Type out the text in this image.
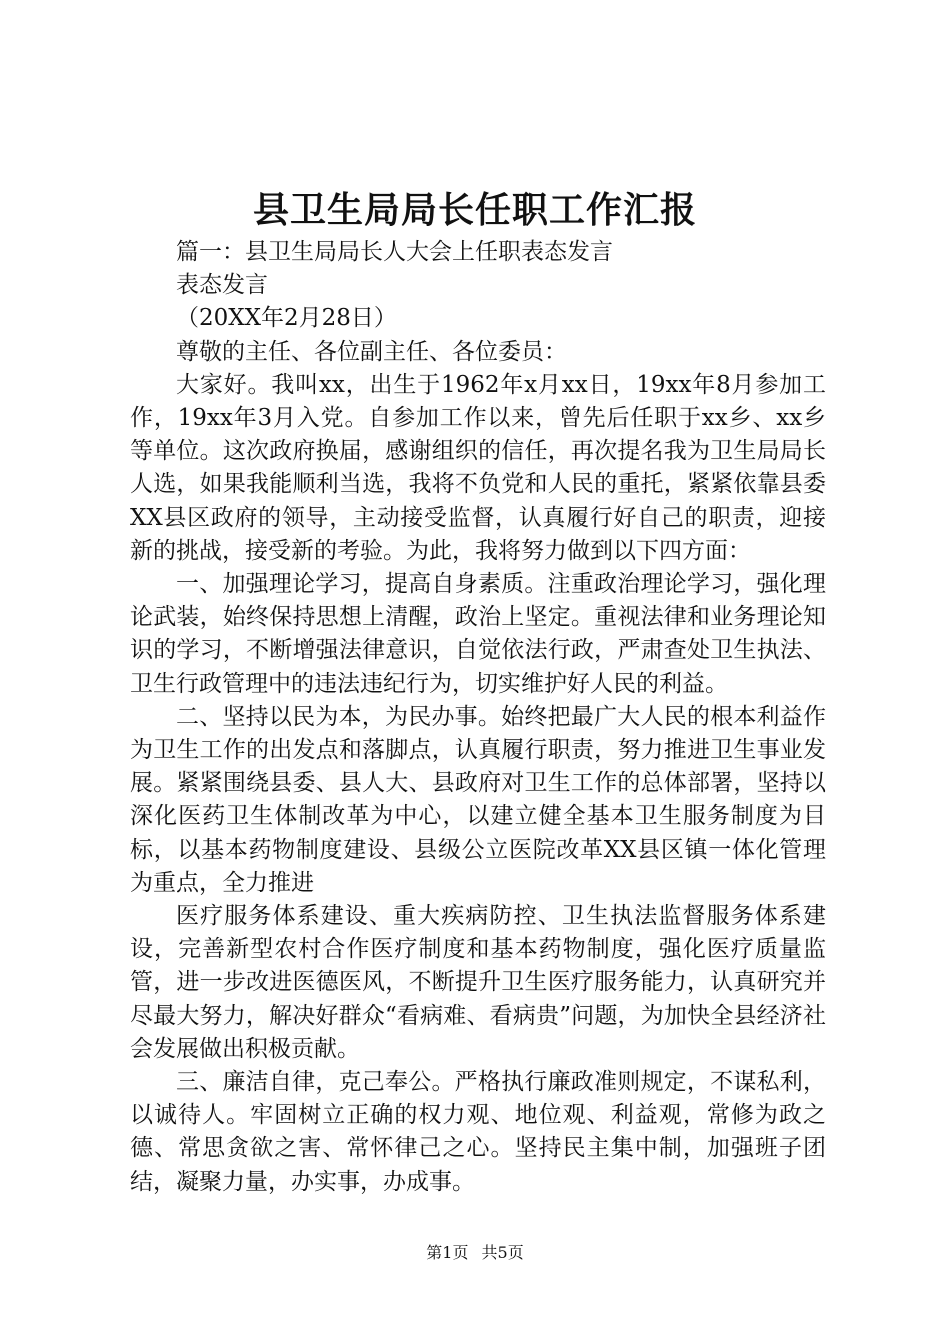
县卫生局局长任职工作汇报

篇一：县卫生局局长人大会上任职表态发言

表态发言

（20XX年2月28日）

尊敬的主任、各位副主任、各位委员：

大家好。我叫xx，出生于1962年x月xx日，19xx年8月参加工作，19xx年3月入党。自参加工作以来，曾先后任职于xx乡、xx乡等单位。这次政府换届，感谢组织的信任，再次提名我为卫生局局长人选，如果我能顺利当选，我将不负党和人民的重托，紧紧依靠县委XX县区政府的领导，主动接受监督，认真履行好自己的职责，迎接新的挑战，接受新的考验。为此，我将努力做到以下四方面：

一、加强理论学习，提高自身素质。注重政治理论学习，强化理论武装，始终保持思想上清醒，政治上坚定。重视法律和业务理论知识的学习，不断增强法律意识，自觉依法行政，严肃查处卫生执法、卫生行政管理中的违法违纪行为，切实维护好人民的利益。

二、坚持以民为本，为民办事。始终把最广大人民的根本利益作为卫生工作的出发点和落脚点，认真履行职责，努力推进卫生事业发展。紧紧围绕县委、县人大、县政府对卫生工作的总体部署，坚持以深化医药卫生体制改革为中心，以建立健全基本卫生服务制度为目标，以基本药物制度建设、县级公立医院改革XX县区镇一体化管理为重点，全力推进

医疗服务体系建设、重大疾病防控、卫生执法监督服务体系建设，完善新型农村合作医疗制度和基本药物制度，强化医疗质量监管，进一步改进医德医风，不断提升卫生医疗服务能力，认真研究并尽最大努力，解决好群众“看病难、看病贵”问题，为加快全县经济社会发展做出积极贡献。

三、廉洁自律，克己奉公。严格执行廉政准则规定，不谋私利，以诚待人。牢固树立正确的权力观、地位观、利益观，常修为政之德、常思贪欲之害、常怀律己之心。坚持民主集中制，加强班子团结，凝聚力量，办实事，办成事。

第1页 共5页
